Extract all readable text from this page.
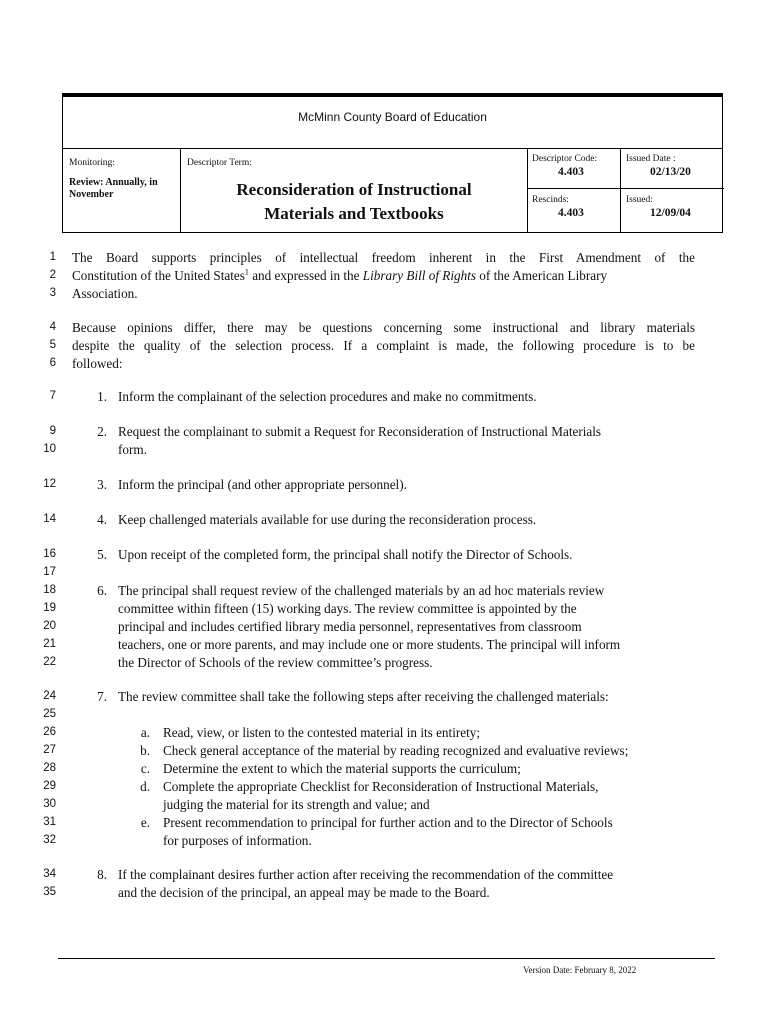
McMinn County Board of Education
Monitoring:
Review: Annually, in November
Descriptor Term:
Reconsideration of Instructional
Materials and Textbooks
Descriptor Code:
4.403
Issued Date :
02/13/20
Rescinds:
4.403
Issued:
12/09/04
1
2
3
4
5
6
7
9
10
12
14
16
17
18
19
20
21
22
24
25
26
27
28
29
30
31
32
34
35
The Board supports principles of intellectual freedom inherent in the First Amendment of the
Constitution of the United States$^1$ and expressed in the Library Bill of Rights of the American Library
Association.
Because opinions differ, there may be questions concerning some instructional and library materials
despite the quality of the selection process. If a complaint is made, the following procedure is to be
followed:
1. Inform the complainant of the selection procedures and make no commitments.
2. Request the complainant to submit a Request for Reconsideration of Instructional Materials
form.
3. Inform the principal (and other appropriate personnel).
4. Keep challenged materials available for use during the reconsideration process.
5. Upon receipt of the completed form, the principal shall notify the Director of Schools.
6. The principal shall request review of the challenged materials by an ad hoc materials review
committee within fifteen (15) working days. The review committee is appointed by the
principal and includes certified library media personnel, representatives from classroom
teachers, one or more parents, and may include one or more students. The principal will inform
the Director of Schools of the review committee’s progress.
7. The review committee shall take the following steps after receiving the challenged materials:
a. Read, view, or listen to the contested material in its entirety;
b. Check general acceptance of the material by reading recognized and evaluative reviews;
c. Determine the extent to which the material supports the curriculum;
d. Complete the appropriate Checklist for Reconsideration of Instructional Materials,
judging the material for its strength and value; and
e. Present recommendation to principal for further action and to the Director of Schools
for purposes of information.
8. If the complainant desires further action after receiving the recommendation of the committee
and the decision of the principal, an appeal may be made to the Board.
Version Date: February 8, 2022
